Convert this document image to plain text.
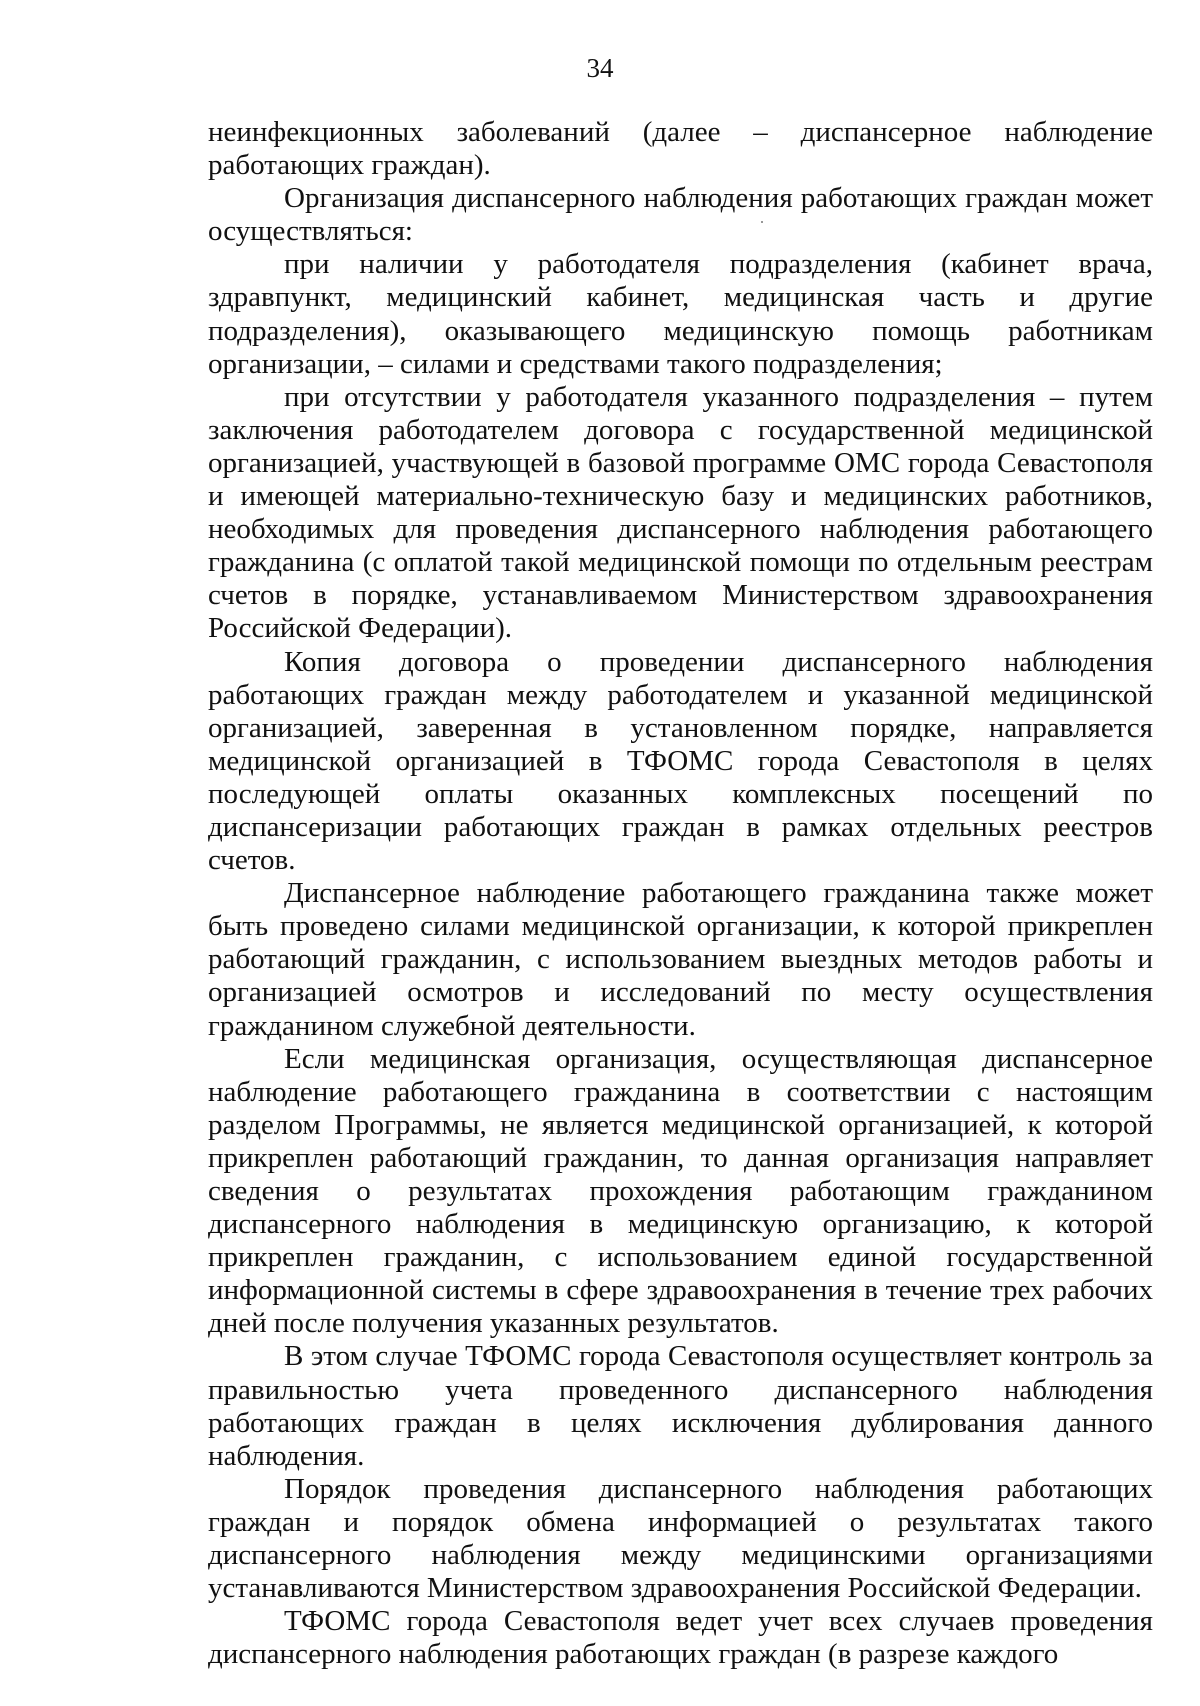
34

неинфекционных заболеваний (далее – диспансерное наблюдение работающих граждан).

Организация диспансерного наблюдения работающих граждан может осуществляться:

при наличии у работодателя подразделения (кабинет врача, здравпункт, медицинский кабинет, медицинская часть и другие подразделения), оказывающего медицинскую помощь работникам организации, – силами и средствами такого подразделения;

при отсутствии у работодателя указанного подразделения – путем заключения работодателем договора с государственной медицинской организацией, участвующей в базовой программе ОМС города Севастополя и имеющей материально-техническую базу и медицинских работников, необходимых для проведения диспансерного наблюдения работающего гражданина (с оплатой такой медицинской помощи по отдельным реестрам счетов в порядке, устанавливаемом Министерством здравоохранения Российской Федерации).

Копия договора о проведении диспансерного наблюдения работающих граждан между работодателем и указанной медицинской организацией, заверенная в установленном порядке, направляется медицинской организацией в ТФОМС города Севастополя в целях последующей оплаты оказанных комплексных посещений по диспансеризации работающих граждан в рамках отдельных реестров счетов.

Диспансерное наблюдение работающего гражданина также может быть проведено силами медицинской организации, к которой прикреплен работающий гражданин, с использованием выездных методов работы и организацией осмотров и исследований по месту осуществления гражданином служебной деятельности.

Если медицинская организация, осуществляющая диспансерное наблюдение работающего гражданина в соответствии с настоящим разделом Программы, не является медицинской организацией, к которой прикреплен работающий гражданин, то данная организация направляет сведения о результатах прохождения работающим гражданином диспансерного наблюдения в медицинскую организацию, к которой прикреплен гражданин, с использованием единой государственной информационной системы в сфере здравоохранения в течение трех рабочих дней после получения указанных результатов.

В этом случае ТФОМС города Севастополя осуществляет контроль за правильностью учета проведенного диспансерного наблюдения работающих граждан в целях исключения дублирования данного наблюдения.

Порядок проведения диспансерного наблюдения работающих граждан и порядок обмена информацией о результатах такого диспансерного наблюдения между медицинскими организациями устанавливаются Министерством здравоохранения Российской Федерации.

ТФОМС города Севастополя ведет учет всех случаев проведения диспансерного наблюдения работающих граждан (в разрезе каждого
